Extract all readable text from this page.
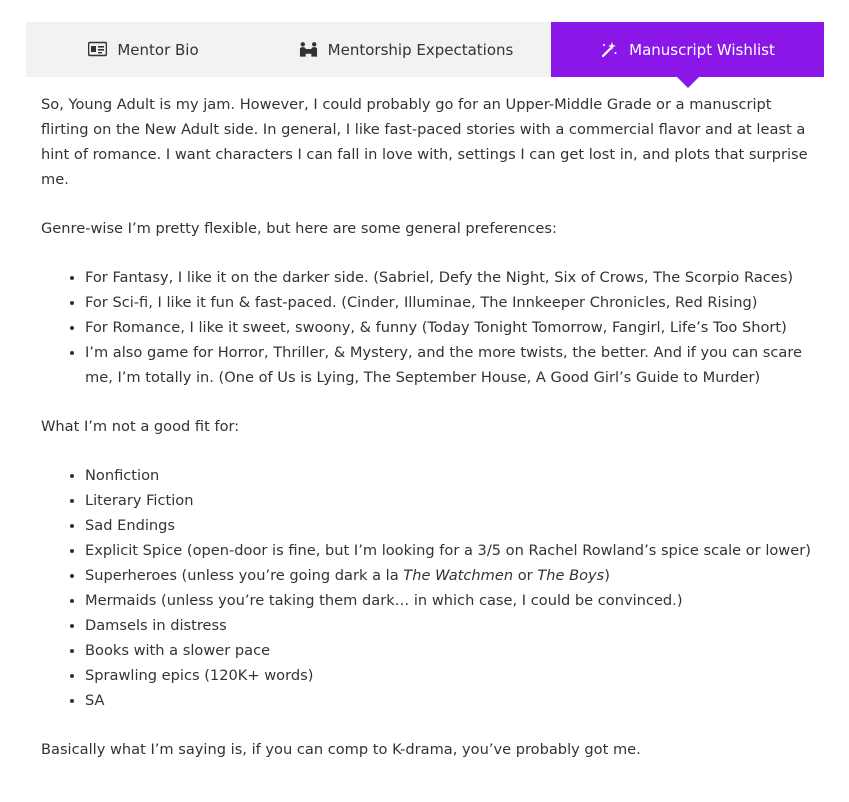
Mentor Bio	Mentorship Expectations	Manuscript Wishlist

So, Young Adult is my jam. However, I could probably go for an Upper-Middle Grade or a manuscript flirting on the New Adult side. In general, I like fast-paced stories with a commercial flavor and at least a hint of romance. I want characters I can fall in love with, settings I can get lost in, and plots that surprise me.

Genre-wise I’m pretty flexible, but here are some general preferences:

• For Fantasy, I like it on the darker side. (Sabriel, Defy the Night, Six of Crows, The Scorpio Races)
• For Sci-fi, I like it fun & fast-paced. (Cinder, Illuminae, The Innkeeper Chronicles, Red Rising)
• For Romance, I like it sweet, swoony, & funny (Today Tonight Tomorrow, Fangirl, Life’s Too Short)
• I’m also game for Horror, Thriller, & Mystery, and the more twists, the better. And if you can scare me, I’m totally in. (One of Us is Lying, The September House, A Good Girl’s Guide to Murder)

What I’m not a good fit for:

• Nonfiction
• Literary Fiction
• Sad Endings
• Explicit Spice (open-door is fine, but I’m looking for a 3/5 on Rachel Rowland’s spice scale or lower)
• Superheroes (unless you’re going dark a la The Watchmen or The Boys)
• Mermaids (unless you’re taking them dark… in which case, I could be convinced.)
• Damsels in distress
• Books with a slower pace
• Sprawling epics (120K+ words)
• SA

Basically what I’m saying is, if you can comp to K-drama, you’ve probably got me.
